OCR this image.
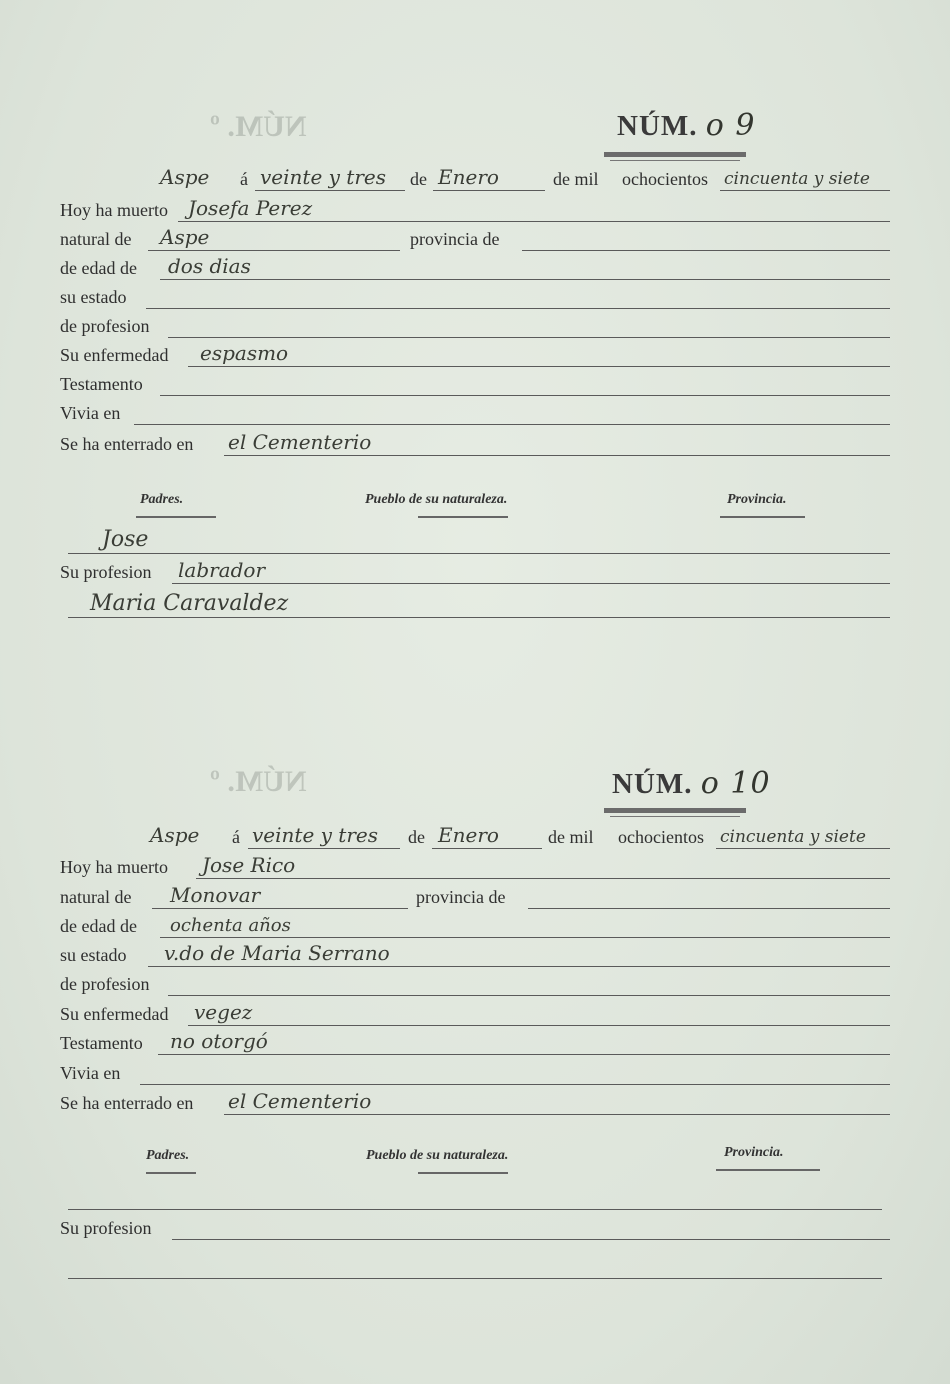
NÚM. º
NÚM. º
NÚM. o 9
Aspe á veinte y tres de Enero	de mil ochocientos cincuenta y siete
Hoy ha muerto Josefa Perez
natural de Aspe	provincia de
de edad de dos dias
su estado
de profesion
Su enfermedad espasmo
Testamento
Vivia en
Se ha enterrado en el Cementerio
Padres.	Pueblo de su naturaleza.	Provincia.
Jose
Su profesion labrador
Maria Caravaldez
NÚM. o 10
Aspe á veinte y tres de Enero	de mil ochocientos cincuenta y siete
Hoy ha muerto Jose Rico
natural de Monovar	provincia de
de edad de ochenta años
su estado v.do de Maria Serrano
de profesion
Su enfermedad vegez
Testamento no otorgó
Vivia en
Se ha enterrado en el Cementerio
Padres.	Pueblo de su naturaleza.	Provincia.
Su profesion
